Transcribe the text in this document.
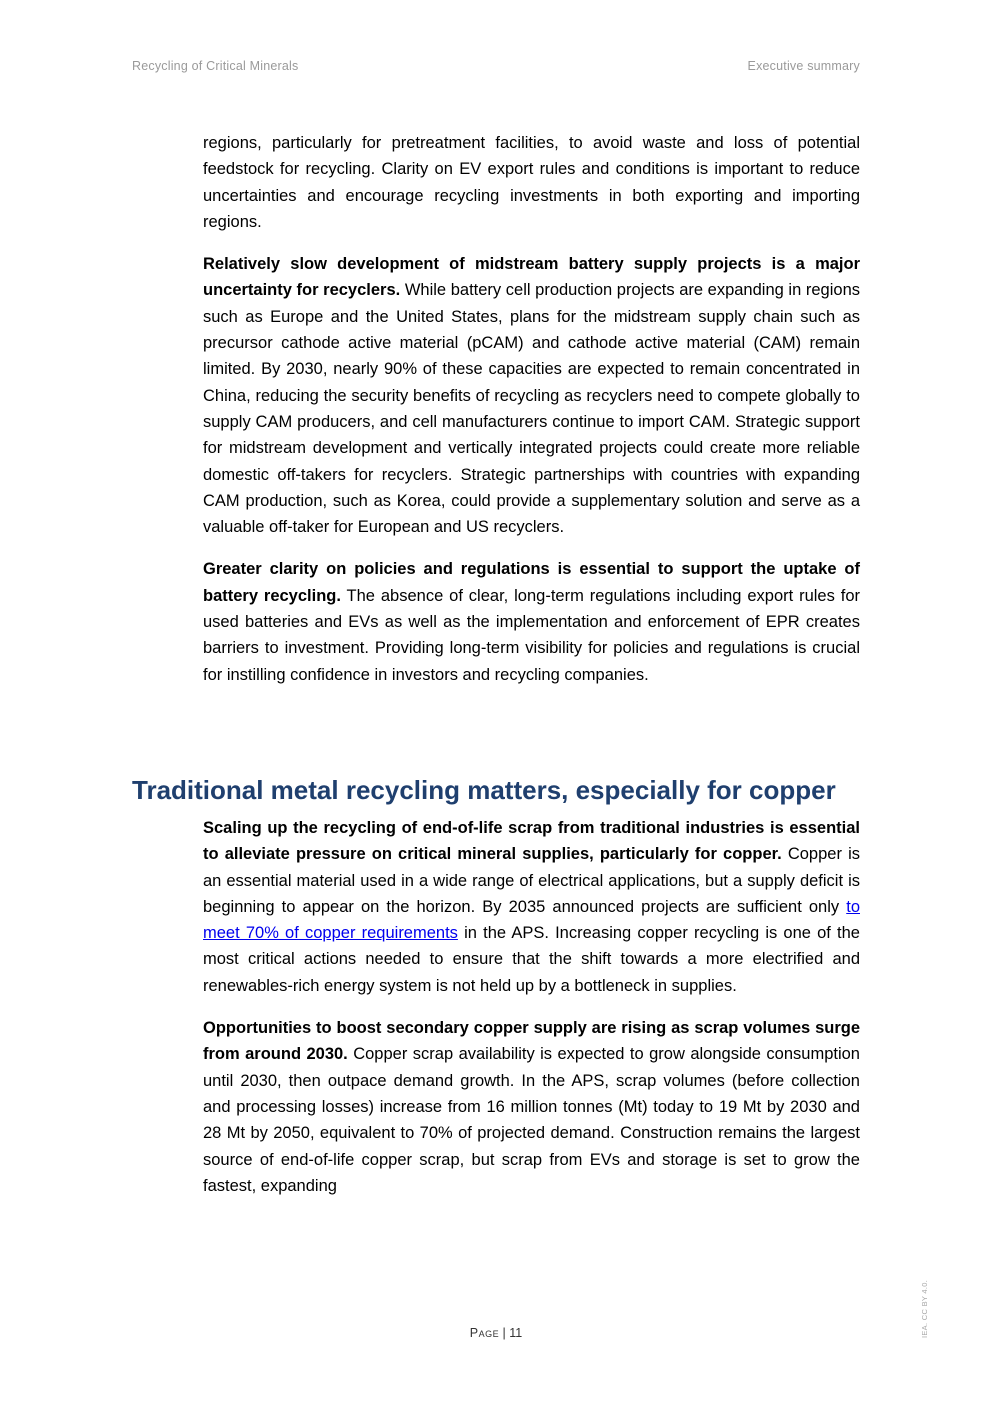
Recycling of Critical Minerals	Executive summary

regions, particularly for pretreatment facilities, to avoid waste and loss of potential feedstock for recycling. Clarity on EV export rules and conditions is important to reduce uncertainties and encourage recycling investments in both exporting and importing regions.

Relatively slow development of midstream battery supply projects is a major uncertainty for recyclers. While battery cell production projects are expanding in regions such as Europe and the United States, plans for the midstream supply chain such as precursor cathode active material (pCAM) and cathode active material (CAM) remain limited. By 2030, nearly 90% of these capacities are expected to remain concentrated in China, reducing the security benefits of recycling as recyclers need to compete globally to supply CAM producers, and cell manufacturers continue to import CAM. Strategic support for midstream development and vertically integrated projects could create more reliable domestic off-takers for recyclers. Strategic partnerships with countries with expanding CAM production, such as Korea, could provide a supplementary solution and serve as a valuable off-taker for European and US recyclers.

Greater clarity on policies and regulations is essential to support the uptake of battery recycling. The absence of clear, long-term regulations including export rules for used batteries and EVs as well as the implementation and enforcement of EPR creates barriers to investment. Providing long-term visibility for policies and regulations is crucial for instilling confidence in investors and recycling companies.

Traditional metal recycling matters, especially for copper

Scaling up the recycling of end-of-life scrap from traditional industries is essential to alleviate pressure on critical mineral supplies, particularly for copper. Copper is an essential material used in a wide range of electrical applications, but a supply deficit is beginning to appear on the horizon. By 2035 announced projects are sufficient only to meet 70% of copper requirements in the APS. Increasing copper recycling is one of the most critical actions needed to ensure that the shift towards a more electrified and renewables-rich energy system is not held up by a bottleneck in supplies.

Opportunities to boost secondary copper supply are rising as scrap volumes surge from around 2030. Copper scrap availability is expected to grow alongside consumption until 2030, then outpace demand growth. In the APS, scrap volumes (before collection and processing losses) increase from 16 million tonnes (Mt) today to 19 Mt by 2030 and 28 Mt by 2050, equivalent to 70% of projected demand. Construction remains the largest source of end-of-life copper scrap, but scrap from EVs and storage is set to grow the fastest, expanding

Page | 11	IEA. CC BY 4.0.
